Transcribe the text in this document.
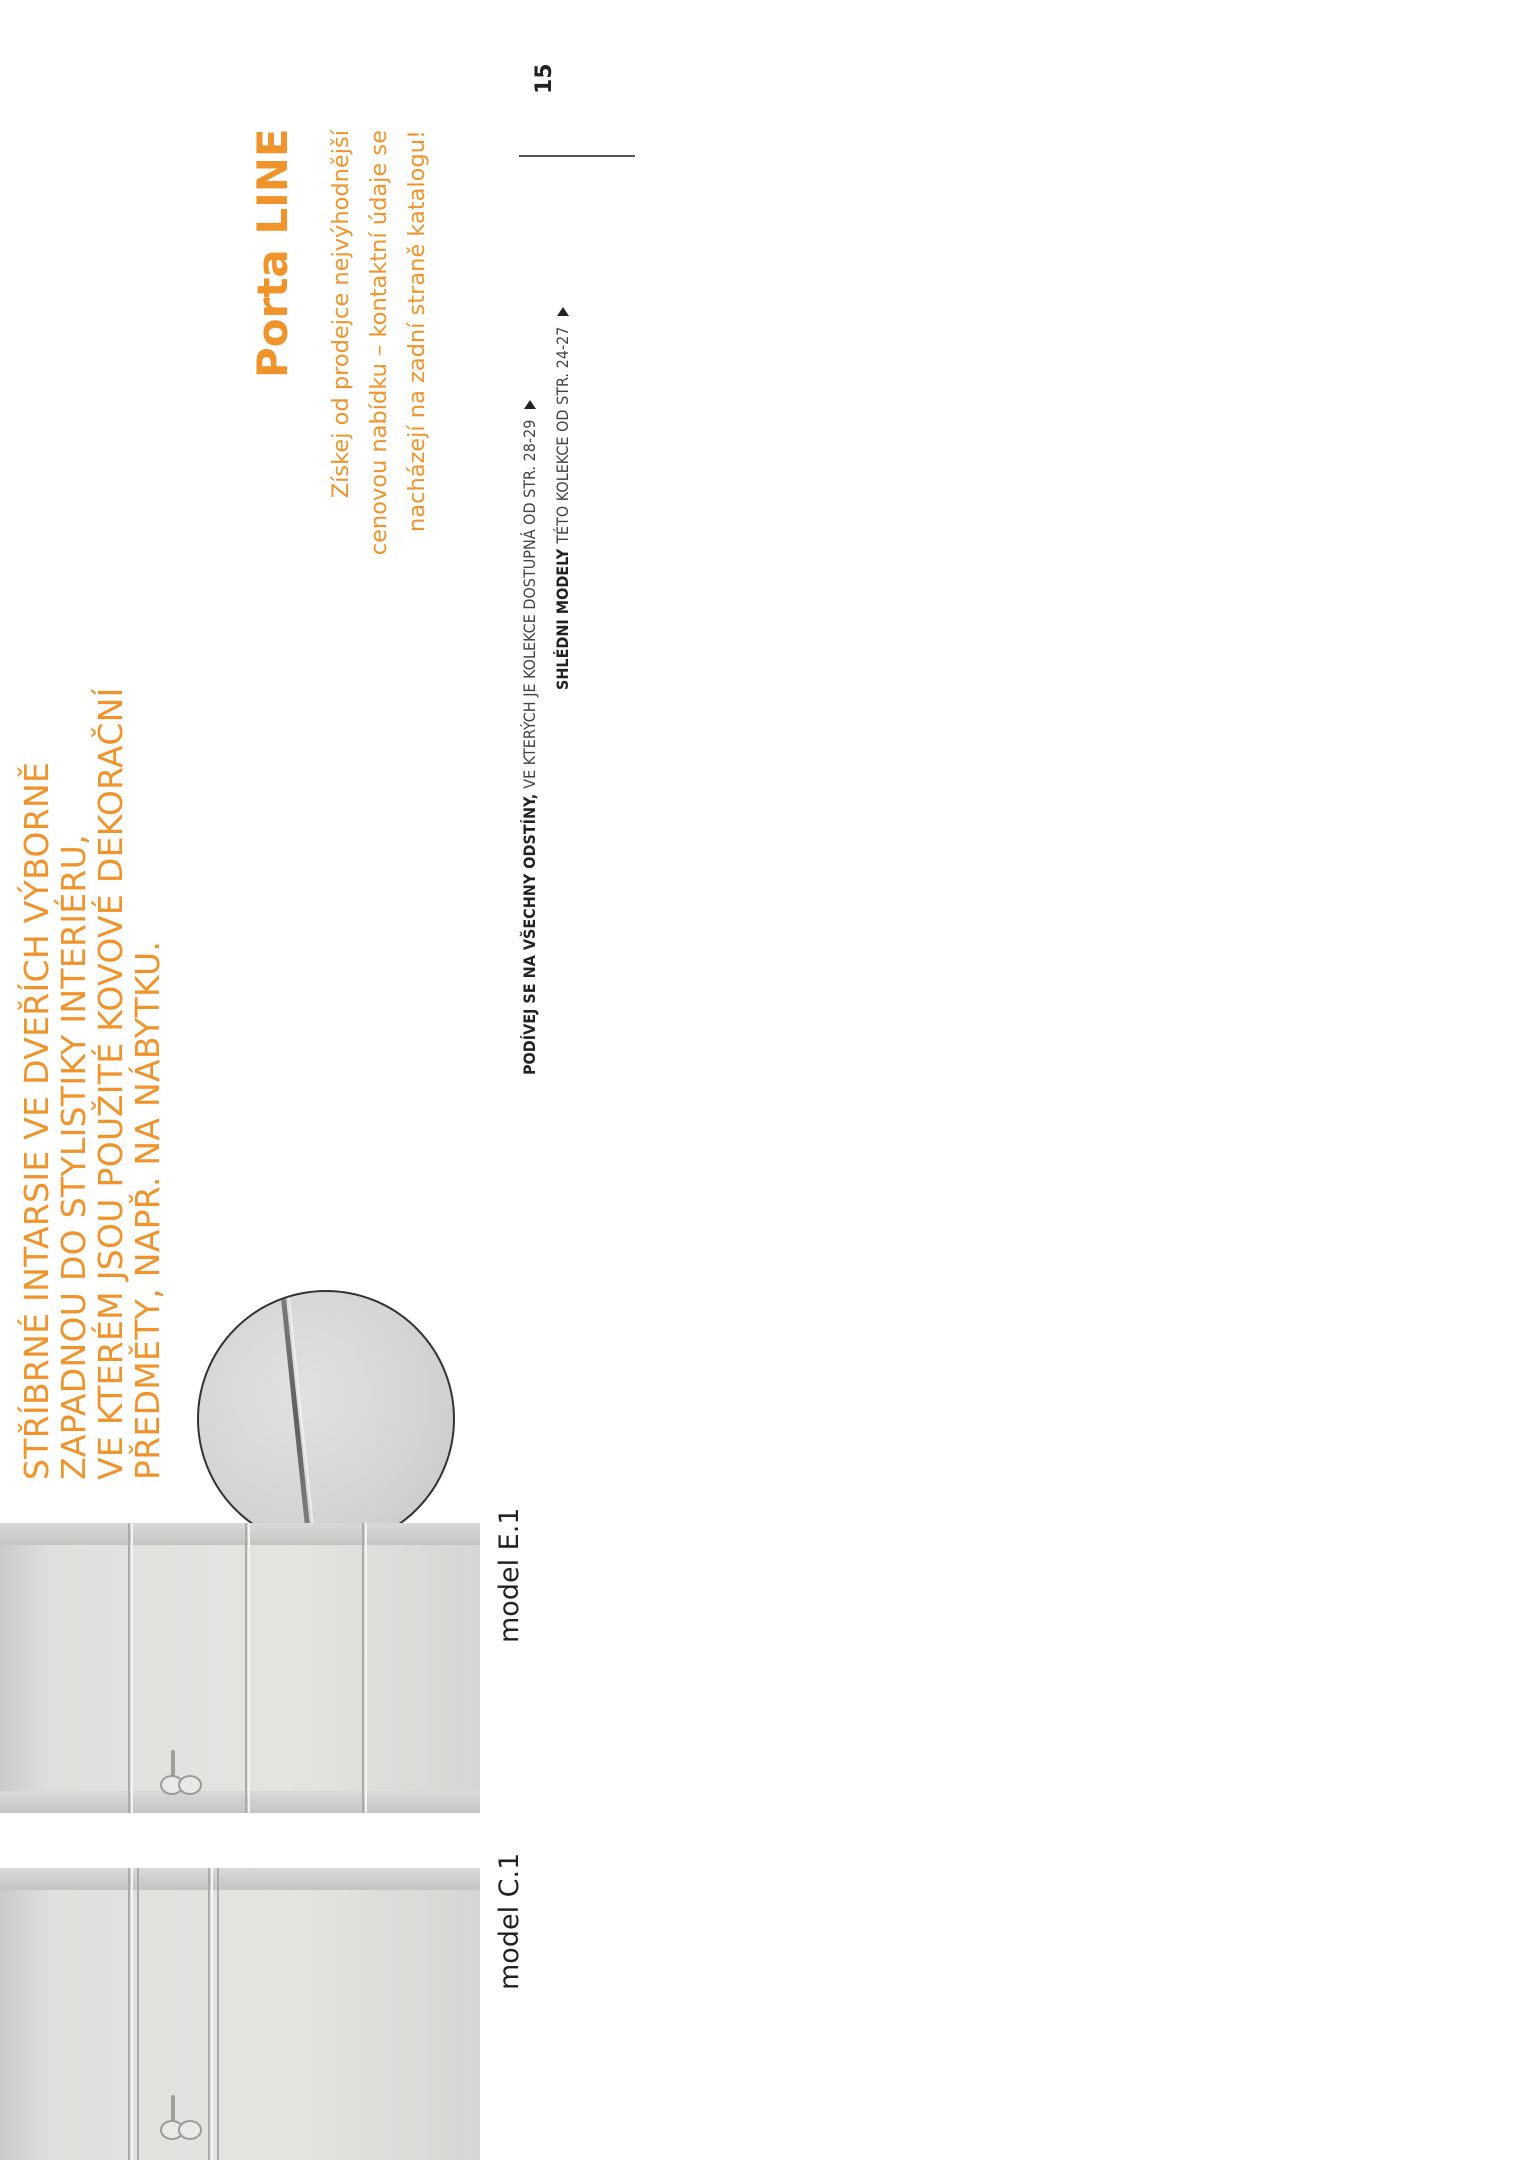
15
STŘÍBRNÉ INTARSIE VE DVEŘÍCH VÝBORNĚ
ZAPADNOU DO STYLISTIKY INTERIÉRU,
VE KTERÉM JSOU POUŽITÉ KOVOVÉ DEKORAČNÍ
PŘEDMĚTY, NAPŘ. NA NÁBYTKU.
Porta LINE Získej od prodejce nejvýhodnější cenovou nabídku – kontaktní údaje se nacházejí na zadní straně katalogu!
PODÍVEJ SE NA VŠECHNY ODSTÍNY,
VE KTERÝCH JE KOLEKCE DOSTUPNÁ OD STR. 28-29 SHLÉDNI MODELY
TÉTO KOLEKCE OD STR. 24-27
model E.1
model C.1
